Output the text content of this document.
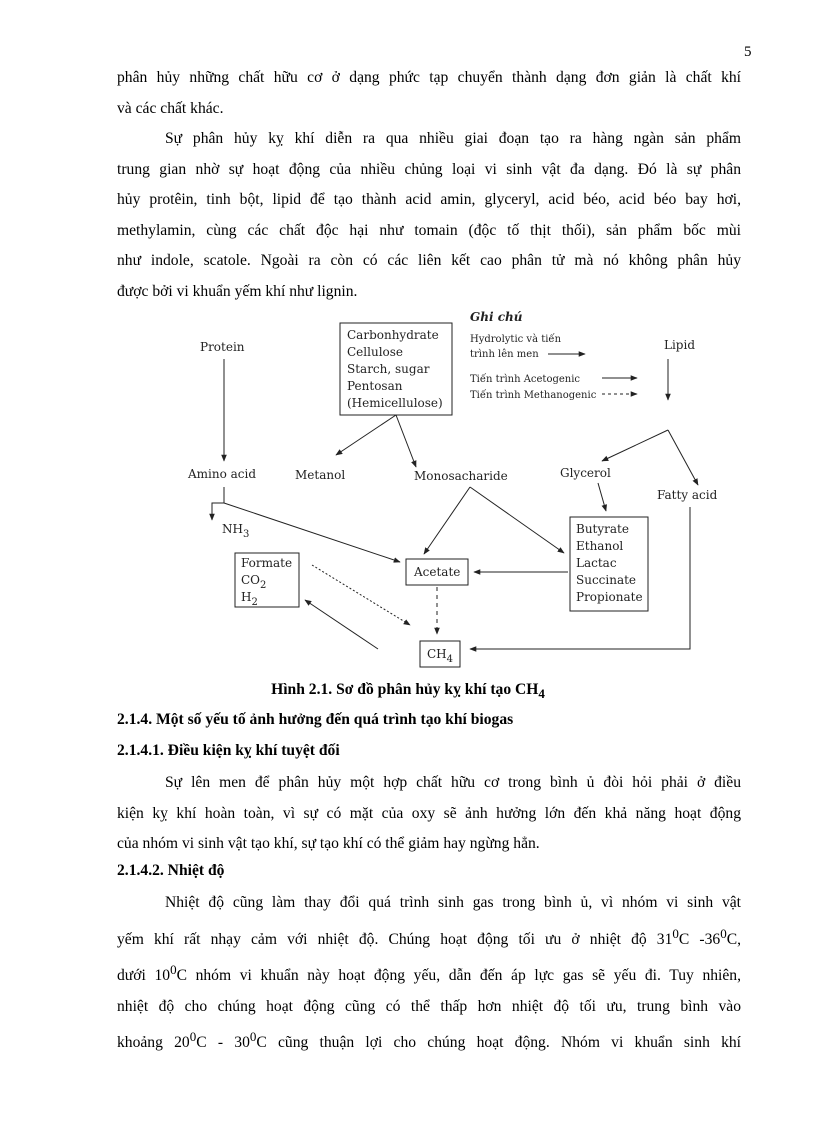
5

phân hủy những chất hữu cơ ở dạng phức tạp chuyển thành dạng đơn giản là chất khí
và các chất khác.

Sự phân hủy kỵ khí diễn ra qua nhiều giai đoạn tạo ra hàng ngàn sản phẩm
trung gian nhờ sự hoạt động của nhiều chủng loại vi sinh vật đa dạng. Đó là sự phân
hủy protêin, tinh bột, lipid để tạo thành acid amin, glyceryl, acid béo, acid béo bay hơi,
methylamin, cùng các chất độc hại như tomain (độc tố thịt thối), sản phẩm bốc mùi
như indole, scatole. Ngoài ra còn có các liên kết cao phân tử mà nó không phân hủy
được bởi vi khuẩn yếm khí như lignin.

Protein
Carbonhydrate
Cellulose
Starch, sugar
Pentosan
(Hemicellulose)
Lipid
Ghi chú
Hydrolytic và tiến
trình lên men
Tiến trình Acetogenic
Tiến trình Methanogenic
Amino acid	Metanol	Monosacharide	Glycerol
Fatty acid
$NH_3$
Formate
$CO_2$
$H_2$
Acetate
Butyrate
Ethanol
Lactac
Succinate
Propionate
$CH_4$

Hình 2.1. Sơ đồ phân hủy kỵ khí tạo $CH_4$

2.1.4. Một số yếu tố ảnh hưởng đến quá trình tạo khí biogas

2.1.4.1. Điều kiện kỵ khí tuyệt đối

Sự lên men để phân hủy một hợp chất hữu cơ trong bình ủ đòi hỏi phải ở điều
kiện kỵ khí hoàn toàn, vì sự có mặt của oxy sẽ ảnh hưởng lớn đến khả năng hoạt động
của nhóm vi sinh vật tạo khí, sự tạo khí có thể giảm hay ngừng hẳn.

2.1.4.2. Nhiệt độ

Nhiệt độ cũng làm thay đổi quá trình sinh gas trong bình ủ, vì nhóm vi sinh vật
yếm khí rất nhạy cảm với nhiệt độ. Chúng hoạt động tối ưu ở nhiệt độ $31^0C$ $-36^0C$,
dưới $10^0C$ nhóm vi khuẩn này hoạt động yếu, dẫn đến áp lực gas sẽ yếu đi. Tuy nhiên,
nhiệt độ cho chúng hoạt động cũng có thể thấp hơn nhiệt độ tối ưu, trung bình vào
khoảng $20^0C - 30^0C$ cũng thuận lợi cho chúng hoạt động. Nhóm vi khuẩn sinh khí
